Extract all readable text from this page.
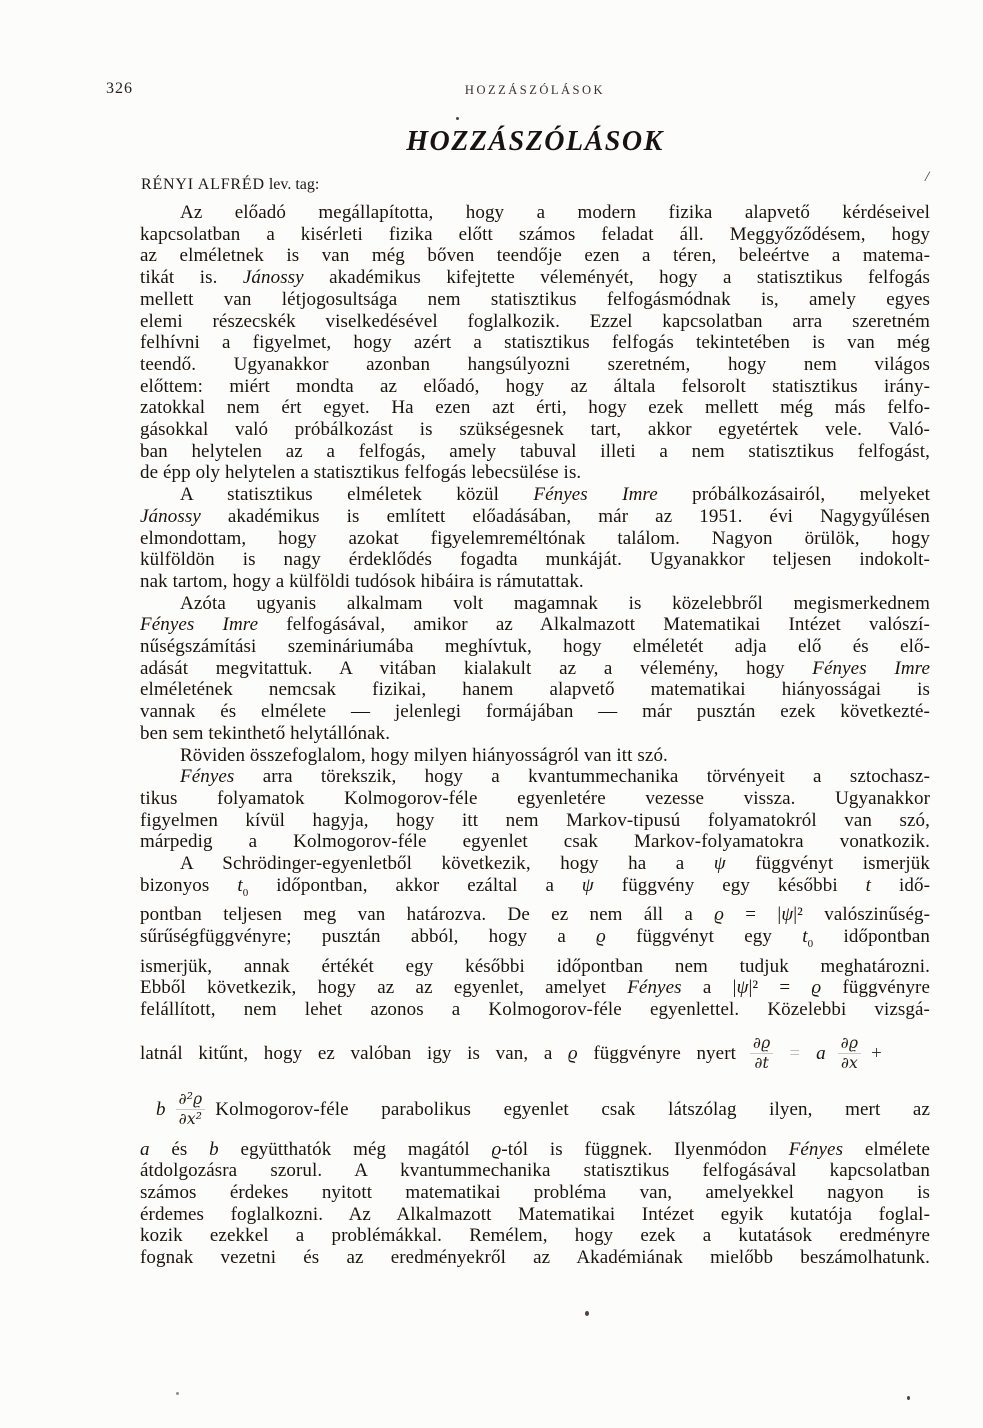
326	HOZZÁSZÓLÁSOK
HOZZÁSZÓLÁSOK
RÉNYI ALFRÉD lev. tag:	/
Az előadó megállapította, hogy a modern fizika alapvető kérdéseivel
kapcsolatban a kisérleti fizika előtt számos feladat áll. Meggyőződésem, hogy
az elméletnek is van még bőven teendője ezen a téren, beleértve a matema-
tikát is. Jánossy akadémikus kifejtette véleményét, hogy a statisztikus felfogás
mellett van létjogosultsága nem statisztikus felfogásmódnak is, amely egyes
elemi részecskék viselkedésével foglalkozik. Ezzel kapcsolatban arra szeretném
felhívni a figyelmet, hogy azért a statisztikus felfogás tekintetében is van még
teendő. Ugyanakkor azonban hangsúlyozni szeretném, hogy nem világos
előttem: miért mondta az előadó, hogy az általa felsorolt statisztikus irány-
zatokkal nem ért egyet. Ha ezen azt érti, hogy ezek mellett még más felfo-
gásokkal való próbálkozást is szükségesnek tart, akkor egyetértek vele. Való-
ban helytelen az a felfogás, amely tabuval illeti a nem statisztikus felfogást,
de épp oly helytelen a statisztikus felfogás lebecsülése is.
A statisztikus elméletek közül Fényes Imre próbálkozásairól, melyeket
Jánossy akadémikus is említett előadásában, már az 1951. évi Nagygyűlésen
elmondottam, hogy azokat figyelemreméltónak találom. Nagyon örülök, hogy
külföldön is nagy érdeklődés fogadta munkáját. Ugyanakkor teljesen indokolt-
nak tartom, hogy a külföldi tudósok hibáira is rámutattak.
Azóta ugyanis alkalmam volt magamnak is közelebbről megismerkednem
Fényes Imre felfogásával, amikor az Alkalmazott Matematikai Intézet valószí-
nűségszámítási szemináriumába meghívtuk, hogy elméletét adja elő és elő-
adását megvitattuk. A vitában kialakult az a vélemény, hogy Fényes Imre
elméletének nemcsak fizikai, hanem alapvető matematikai hiányosságai is
vannak és elmélete — jelenlegi formájában — már pusztán ezek következté-
ben sem tekinthető helytállónak.
Röviden összefoglalom, hogy milyen hiányosságról van itt szó.
Fényes arra törekszik, hogy a kvantummechanika törvényeit a sztochasz-
tikus folyamatok Kolmogorov-féle egyenletére vezesse vissza. Ugyanakkor
figyelmen kívül hagyja, hogy itt nem Markov-tipusú folyamatokról van szó,
márpedig a Kolmogorov-féle egyenlet csak Markov-folyamatokra vonatkozik.
A Schrödinger-egyenletből következik, hogy ha a ψ függvényt ismerjük
bizonyos $t_0$ időpontban, akkor ezáltal a ψ függvény egy későbbi t idő-
pontban teljesen meg van határozva. De ez nem áll a ϱ = |ψ|² valószinűség-
sűrűségfüggvényre; pusztán abból, hogy a ϱ függvényt egy $t_0$ időpontban
ismerjük, annak értékét egy későbbi időpontban nem tudjuk meghatározni.
Ebből következik, hogy az az egyenlet, amelyet Fényes a |ψ|² = ϱ függvényre
felállított, nem lehet azonos a Kolmogorov-féle egyenlettel. Közelebbi vizsgá-
latnál kitűnt, hogy ez valóban igy is van, a ϱ függvényre nyert $\frac{\partial ϱ}{\partial t} = a \frac{\partial ϱ}{\partial x}$ +
b $\frac{\text{∂²ϱ}}{\text{∂x²}}$ Kolmogorov-féle parabolikus egyenlet csak látszólag ilyen, mert az
a és b együtthatók még magától ϱ-tól is függnek. Ilyenmódon Fényes elmélete
átdolgozásra szorul. A kvantummechanika statisztikus felfogásával kapcsolatban
számos érdekes nyitott matematikai probléma van, amelyekkel nagyon is
érdemes foglalkozni. Az Alkalmazott Matematikai Intézet egyik kutatója foglal-
kozik ezekkel a problémákkal. Remélem, hogy ezek a kutatások eredményre
fognak vezetni és az eredményekről az Akadémiának mielőbb beszámolhatunk.
